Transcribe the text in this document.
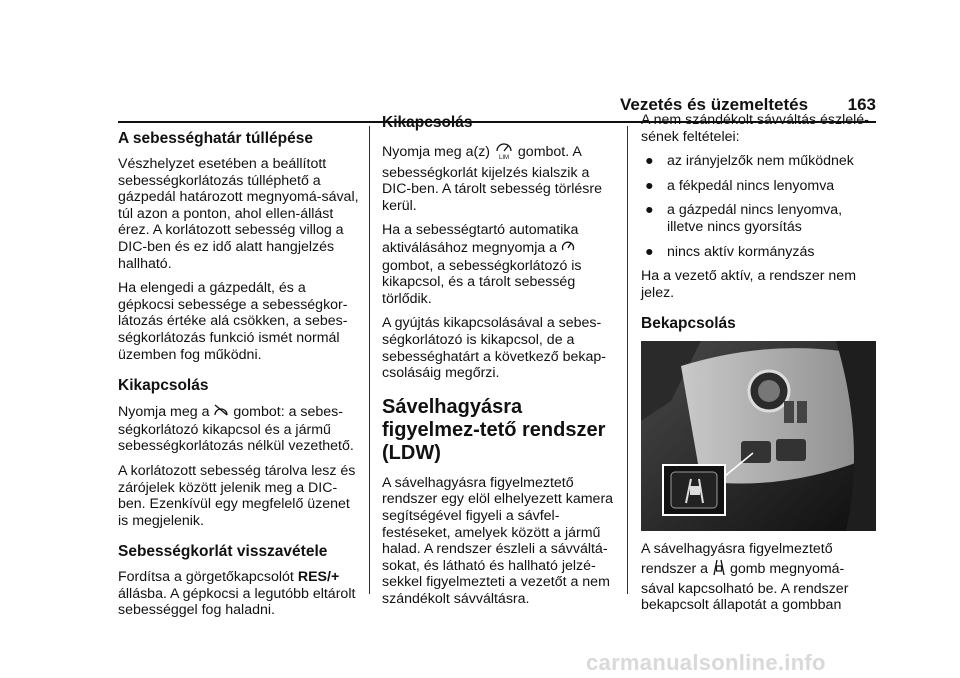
Vezetés és üzemeltetés 163
A sebességhatár túllépése

Vészhelyzet esetében a beállított sebességkorlátozás túlléphető a gázpedál határozott megnyomá-sával, túl azon a ponton, ahol ellen-állást érez. A korlátozott sebesség villog a DIC-ben és ez idő alatt hangjelzés hallható.

Ha elengedi a gázpedált, és a gépkocsi sebessége a sebességkor-látozás értéke alá csökken, a sebes-ségkorlátozás funkció ismét normál üzemben fog működni.

Kikapcsolás

Nyomja meg a gombot: a sebes-ségkorlátozó kikapcsol és a jármű sebességkorlátozás nélkül vezethető.

A korlátozott sebesség tárolva lesz és zárójelek között jelenik meg a DIC-ben. Ezenkívül egy megfelelő üzenet is megjelenik.

Sebességkorlát visszavétele

Fordítsa a görgetőkapcsolót RES/+ állásba. A gépkocsi a legutóbb eltárolt sebességgel fog haladni.

Kikapcsolás

Nyomja meg a(z) LIM gombot. A sebességkorlát kijelzés kialszik a DIC-ben. A tárolt sebesség törlésre kerül.

Ha a sebességtartó automatika aktiválásához megnyomja a  gombot, a sebességkorlátozó is kikapcsol, és a tárolt sebesség törlődik.

A gyújtás kikapcsolásával a sebes-ségkorlátozó is kikapcsol, de a sebességhatárt a következő bekap-csolásáig megőrzi.

Sávelhagyásra figyelmez-tető rendszer (LDW)

A sávelhagyásra figyelmeztető rendszer egy elöl elhelyezett kamera segítségével figyeli a sávfel-festéseket, amelyek között a jármű halad. A rendszer észleli a sávváltá-sokat, és látható és hallható jelzé-sekkel figyelmezteti a vezetőt a nem szándékolt sávváltásra.

A nem szándékolt sávváltás észlelé-sének feltételei:

● az irányjelzők nem működnek
● a fékpedál nincs lenyomva
● a gázpedál nincs lenyomva, illetve nincs gyorsítás
● nincs aktív kormányzás

Ha a vezető aktív, a rendszer nem jelez.

Bekapcsolás

A sávelhagyásra figyelmeztető rendszer a gomb megnyomá-sával kapcsolható be. A rendszer bekapcsolt állapotát a gombban

carmanualsonline.info
